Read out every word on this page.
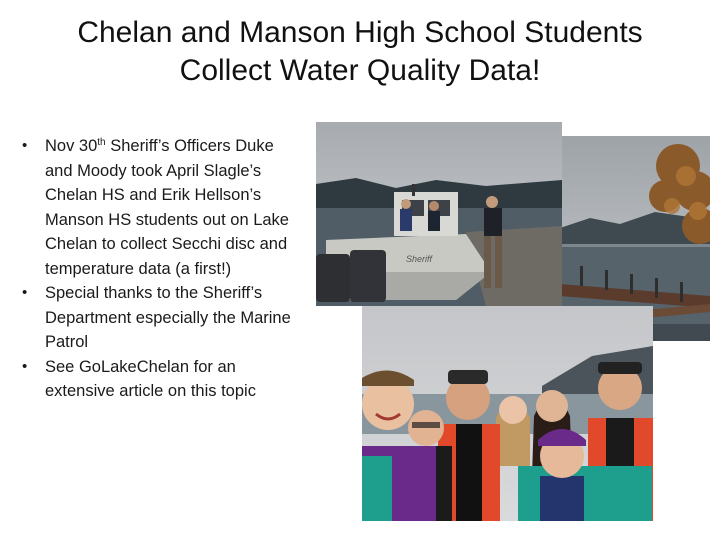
Chelan and Manson High School Students
Collect Water Quality Data!
• Nov 30th Sheriff’s Officers Duke and Moody took April Slagle’s Chelan HS and Erik Hellson’s Manson HS students out on Lake Chelan to collect Secchi disc and temperature data (a first!)
• Special thanks to the Sheriff’s Department especially the Marine Patrol
• See GoLakeChelan for an extensive article on this topic
Sheriff
